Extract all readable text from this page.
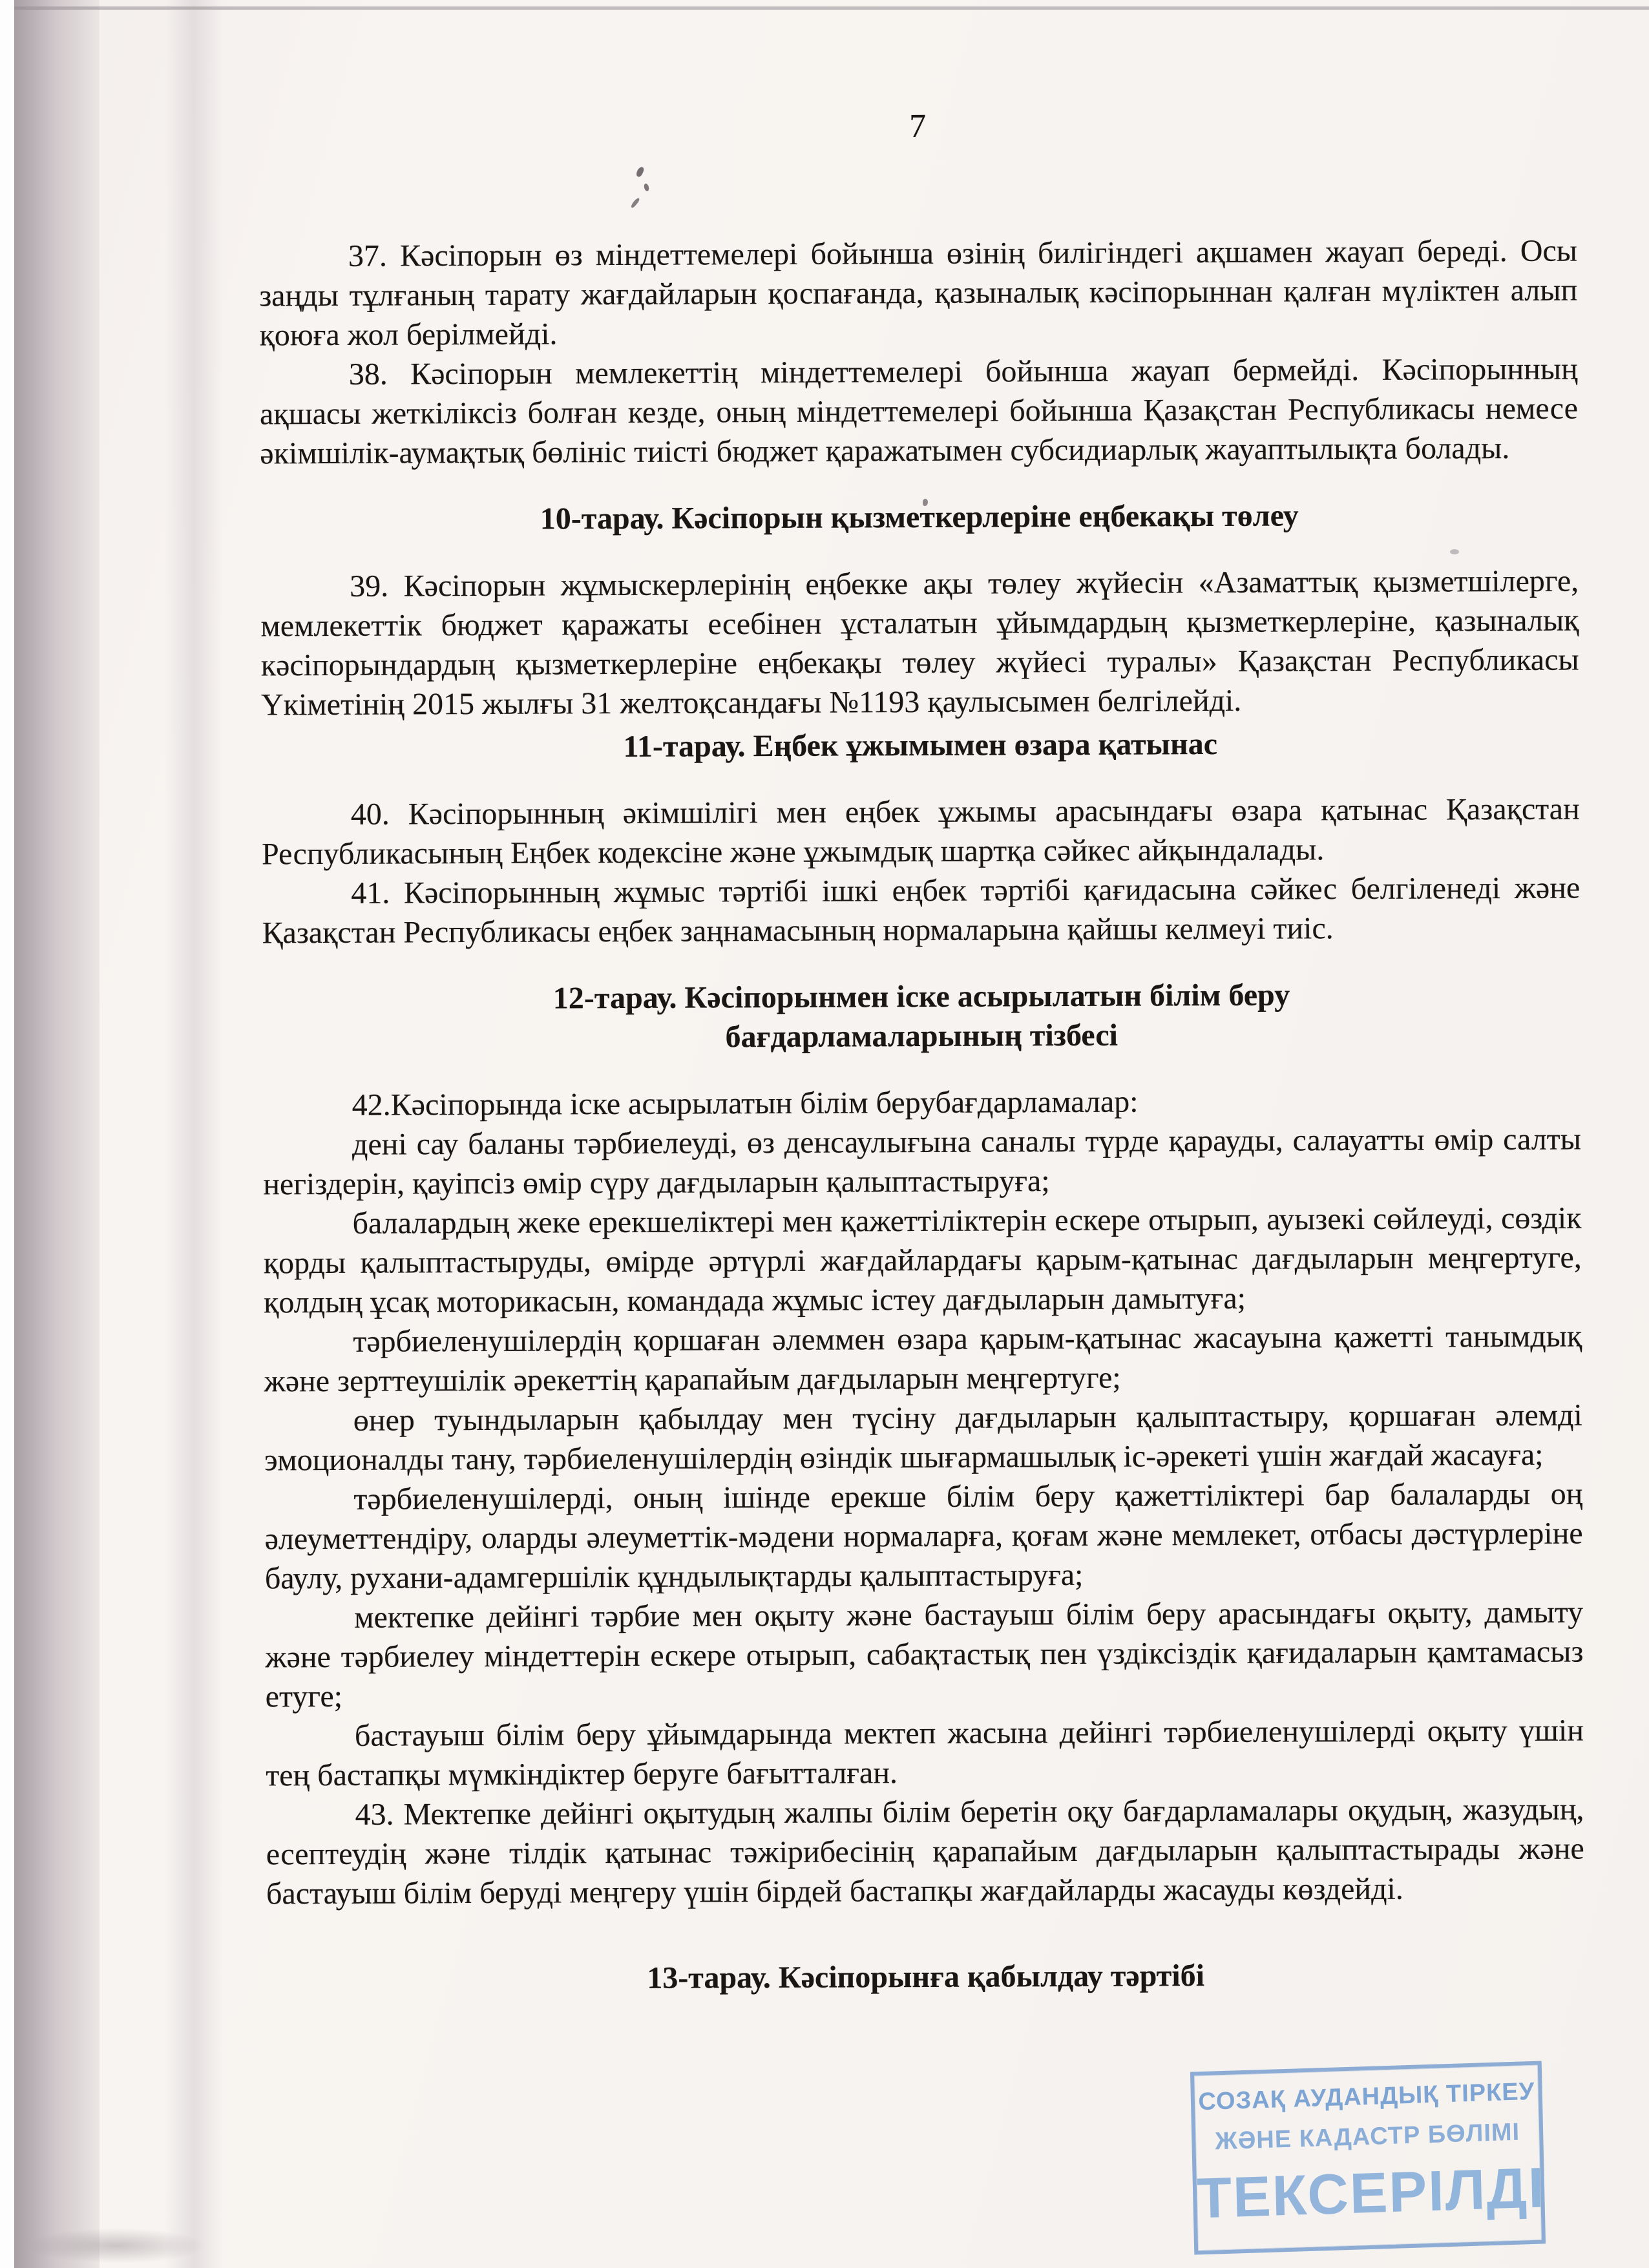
7

37. Кәсіпорын өз міндеттемелері бойынша өзінің билігіндегі ақшамен жауап береді. Осы заңды тұлғаның тарату жағдайларын қоспағанда, қазыналық кәсіпорыннан қалған мүліктен алып қоюға жол берілмейді.

38. Кәсіпорын мемлекеттің міндеттемелері бойынша жауап бермейді. Кәсіпорынның ақшасы жеткіліксіз болған кезде, оның міндеттемелері бойынша Қазақстан Республикасы немесе әкімшілік-аумақтық бөлініс тиісті бюджет қаражатымен субсидиарлық жауаптылықта болады.

10-тарау. Кәсіпорын қызметкерлеріне еңбекақы төлеу

39. Кәсіпорын жұмыскерлерінің еңбекке ақы төлеу жүйесін «Азаматтық қызметшілерге, мемлекеттік бюджет қаражаты есебінен ұсталатын ұйымдардың қызметкерлеріне, қазыналық кәсіпорындардың қызметкерлеріне еңбекақы төлеу жүйесі туралы» Қазақстан Республикасы Үкіметінің 2015 жылғы 31 желтоқсандағы №1193 қаулысымен белгілейді.

11-тарау. Еңбек ұжымымен өзара қатынас

40. Кәсіпорынның әкімшілігі мен еңбек ұжымы арасындағы өзара қатынас Қазақстан Республикасының Еңбек кодексіне және ұжымдық шартқа сәйкес айқындалады.

41. Кәсіпорынның жұмыс тәртібі ішкі еңбек тәртібі қағидасына сәйкес белгіленеді және Қазақстан Республикасы еңбек заңнамасының нормаларына қайшы келмеуі тиіс.

12-тарау. Кәсіпорынмен іске асырылатын білім беру

бағдарламаларының тізбесі

42.Кәсіпорында іске асырылатын білім берубағдарламалар:

дені сау баланы тәрбиелеуді, өз денсаулығына саналы түрде қарауды, салауатты өмір салты негіздерін, қауіпсіз өмір сүру дағдыларын қалыптастыруға;

балалардың жеке ерекшеліктері мен қажеттіліктерін ескере отырып, ауызекі сөйлеуді, сөздік қорды қалыптастыруды, өмірде әртүрлі жағдайлардағы қарым-қатынас дағдыларын меңгертуге, қолдың ұсақ моторикасын, командада жұмыс істеу дағдыларын дамытуға;

тәрбиеленушілердің қоршаған әлеммен өзара қарым-қатынас жасауына қажетті танымдық және зерттеушілік әрекеттің қарапайым дағдыларын меңгертуге;

өнер туындыларын қабылдау мен түсіну дағдыларын қалыптастыру, қоршаған әлемді эмоционалды тану, тәрбиеленушілердің өзіндік шығармашылық іс-әрекеті үшін жағдай жасауға;

тәрбиеленушілерді, оның ішінде ерекше білім беру қажеттіліктері бар балаларды оң әлеуметтендіру, оларды әлеуметтік-мәдени нормаларға, қоғам және мемлекет, отбасы дәстүрлеріне баулу, рухани-адамгершілік құндылықтарды қалыптастыруға;

мектепке дейінгі тәрбие мен оқыту және бастауыш білім беру арасындағы оқыту, дамыту және тәрбиелеу міндеттерін ескере отырып, сабақтастық пен үздіксіздік қағидаларын қамтамасыз етуге;

бастауыш білім беру ұйымдарында мектеп жасына дейінгі тәрбиеленушілерді оқыту үшін тең бастапқы мүмкіндіктер беруге бағытталған.

43. Мектепке дейінгі оқытудың жалпы білім беретін оқу бағдарламалары оқудың, жазудың, есептеудің және тілдік қатынас тәжірибесінің қарапайым дағдыларын қалыптастырады және бастауыш білім беруді меңгеру үшін бірдей бастапқы жағдайларды жасауды көздейді.

13-тарау. Кәсіпорынға қабылдау тәртібі

СОЗАҚ АУДАНДЫҚ ТІРКЕУ
ЖӘНЕ КАДАСТР БӨЛІМІ
ТЕКСЕРІЛДІ
